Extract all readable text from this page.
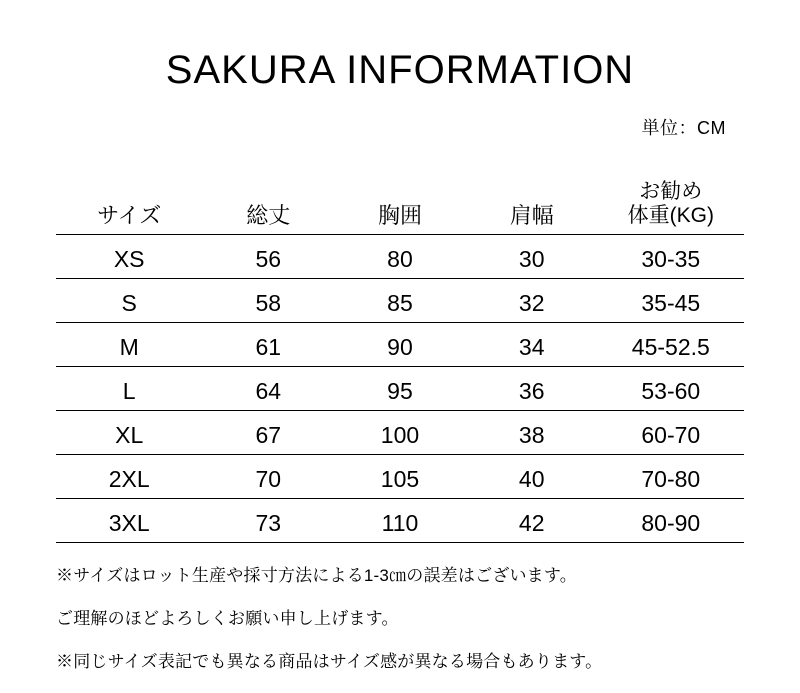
SAKURA INFORMATION
単位：CM
サイズ	総丈	胸囲	肩幅	お勧め
体重(KG)

XS	56	80	30	30-35
S	58	85	32	35-45
M	61	90	34	45-52.5
L	64	95	36	53-60
XL	67	100	38	60-70
2XL	70	105	40	70-80
3XL	73	110	42	80-90

※サイズはロット生産や採寸方法による1-3㎝の誤差はございます。

ご理解のほどよろしくお願い申し上げます。

※同じサイズ表記でも異なる商品はサイズ感が異なる場合もあります。
